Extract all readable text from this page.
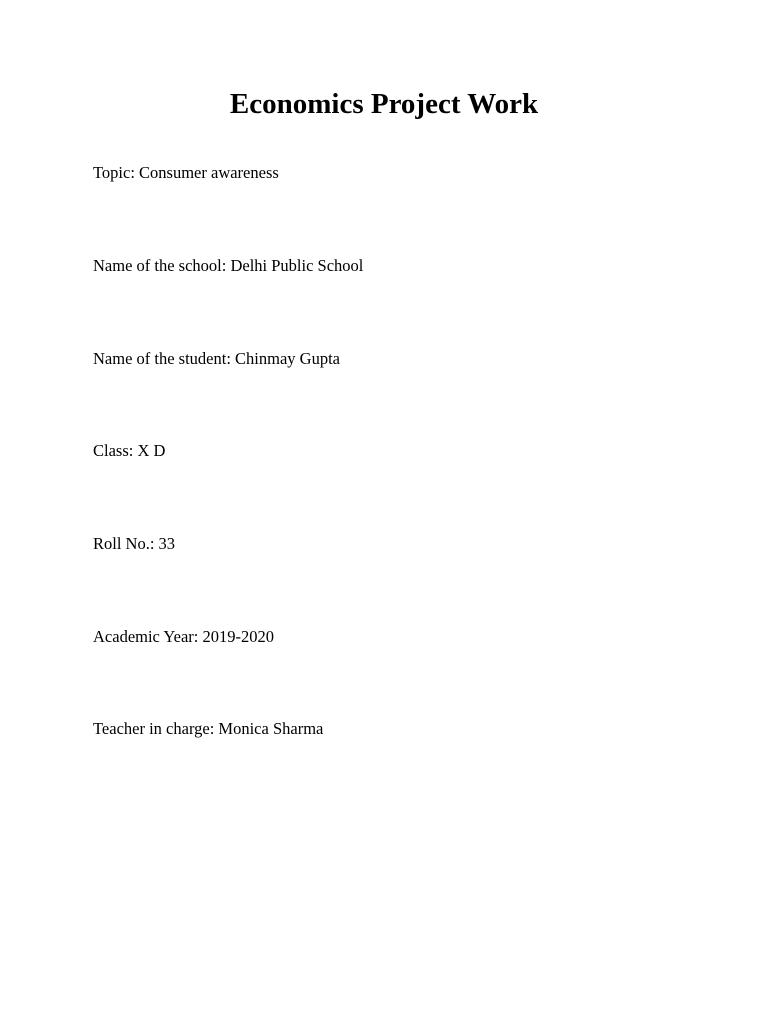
Economics Project Work

Topic: Consumer awareness

Name of the school: Delhi Public School

Name of the student: Chinmay Gupta

Class: X D

Roll No.: 33

Academic Year: 2019-2020

Teacher in charge: Monica Sharma
